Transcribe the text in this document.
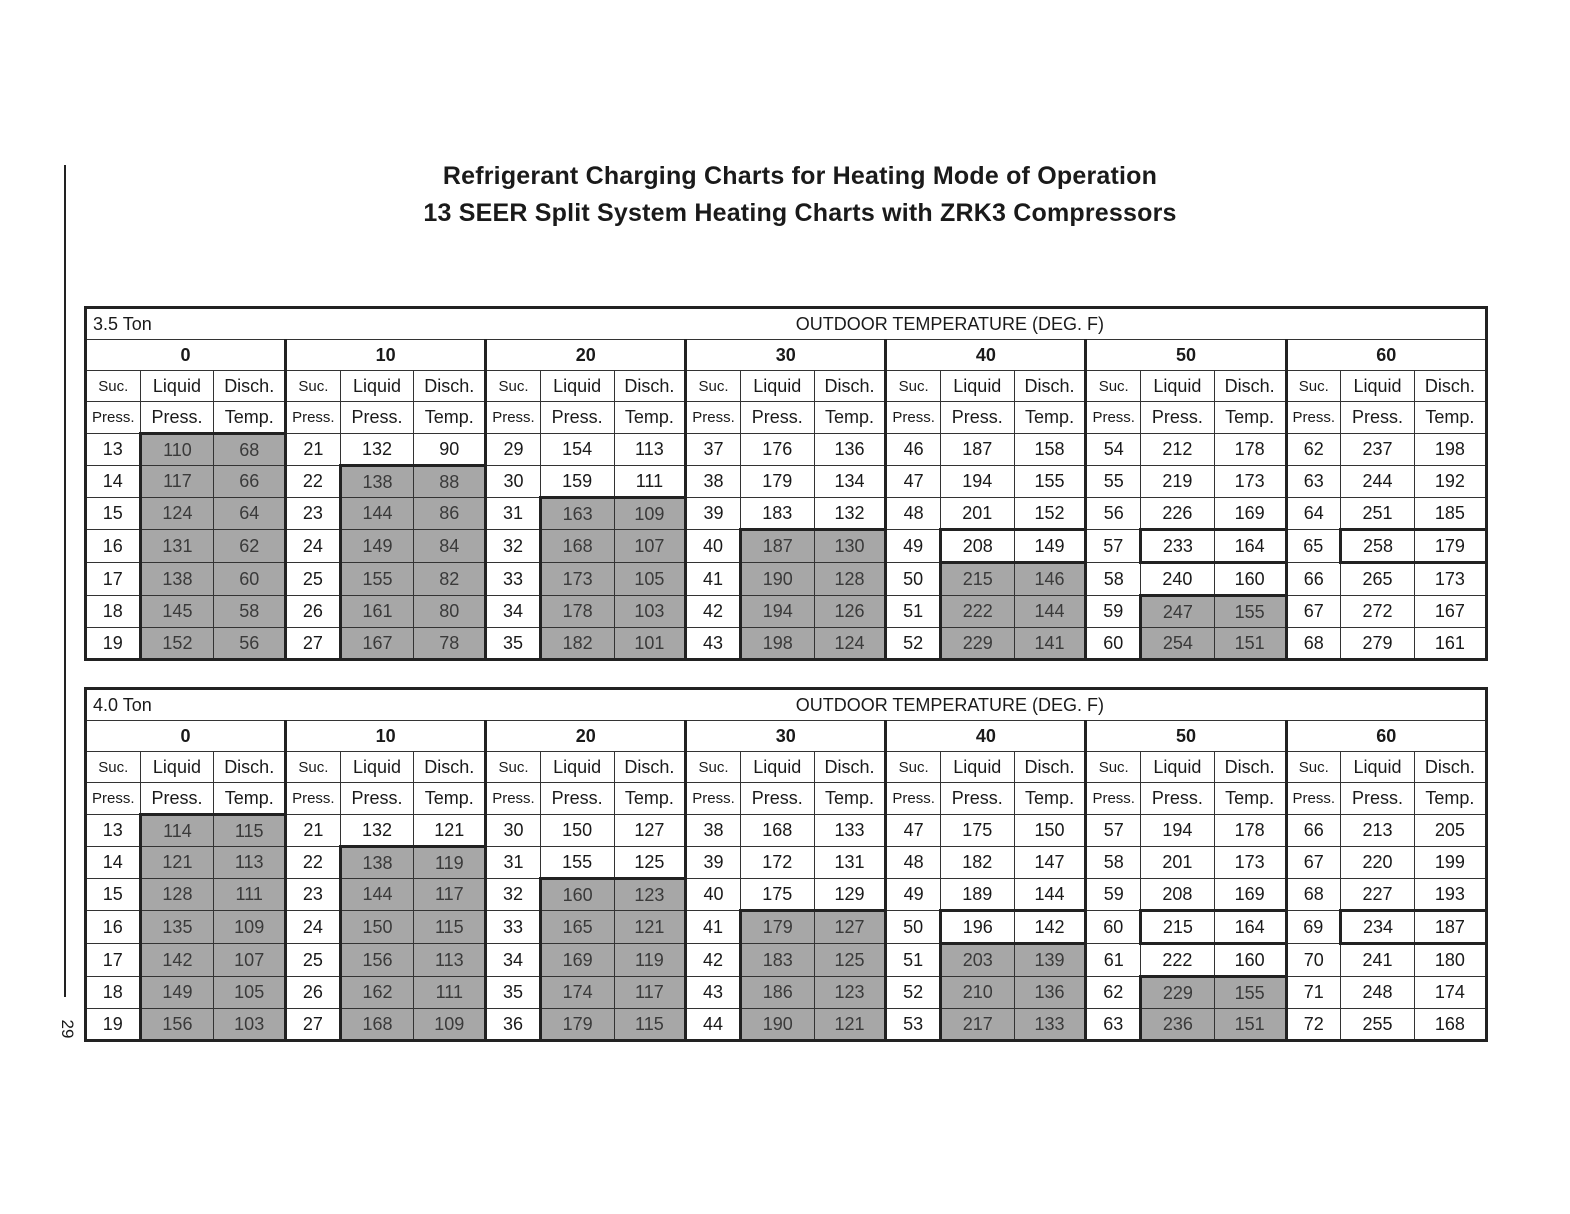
29
Refrigerant Charging Charts for Heating Mode of Operation
13 SEER Split System Heating Charts with ZRK3 Compressors
3.5 Ton						OUTDOOR TEMPERATURE (DEG. F)														
0			10			20			30			40			50			60		
Suc.	Liquid	Disch.	Suc.	Liquid	Disch.	Suc.	Liquid	Disch.	Suc.	Liquid	Disch.	Suc.	Liquid	Disch.	Suc.	Liquid	Disch.	Suc.	Liquid	Disch.
Press.	Press.	Temp.	Press.	Press.	Temp.	Press.	Press.	Temp.	Press.	Press.	Temp.	Press.	Press.	Temp.	Press.	Press.	Temp.	Press.	Press.	Temp.
13	110	68	21	132	90	29	154	113	37	176	136	46	187	158	54	212	178	62	237	198
14	117	66	22	138	88	30	159	111	38	179	134	47	194	155	55	219	173	63	244	192
15	124	64	23	144	86	31	163	109	39	183	132	48	201	152	56	226	169	64	251	185
16	131	62	24	149	84	32	168	107	40	187	130	49	208	149	57	233	164	65	258	179
17	138	60	25	155	82	33	173	105	41	190	128	50	215	146	58	240	160	66	265	173
18	145	58	26	161	80	34	178	103	42	194	126	51	222	144	59	247	155	67	272	167
19	152	56	27	167	78	35	182	101	43	198	124	52	229	141	60	254	151	68	279	161
4.0 Ton						OUTDOOR TEMPERATURE (DEG. F)														
0			10			20			30			40			50			60		
Suc.	Liquid	Disch.	Suc.	Liquid	Disch.	Suc.	Liquid	Disch.	Suc.	Liquid	Disch.	Suc.	Liquid	Disch.	Suc.	Liquid	Disch.	Suc.	Liquid	Disch.
Press.	Press.	Temp.	Press.	Press.	Temp.	Press.	Press.	Temp.	Press.	Press.	Temp.	Press.	Press.	Temp.	Press.	Press.	Temp.	Press.	Press.	Temp.
13	114	115	21	132	121	30	150	127	38	168	133	47	175	150	57	194	178	66	213	205
14	121	113	22	138	119	31	155	125	39	172	131	48	182	147	58	201	173	67	220	199
15	128	111	23	144	117	32	160	123	40	175	129	49	189	144	59	208	169	68	227	193
16	135	109	24	150	115	33	165	121	41	179	127	50	196	142	60	215	164	69	234	187
17	142	107	25	156	113	34	169	119	42	183	125	51	203	139	61	222	160	70	241	180
18	149	105	26	162	111	35	174	117	43	186	123	52	210	136	62	229	155	71	248	174
19	156	103	27	168	109	36	179	115	44	190	121	53	217	133	63	236	151	72	255	168
